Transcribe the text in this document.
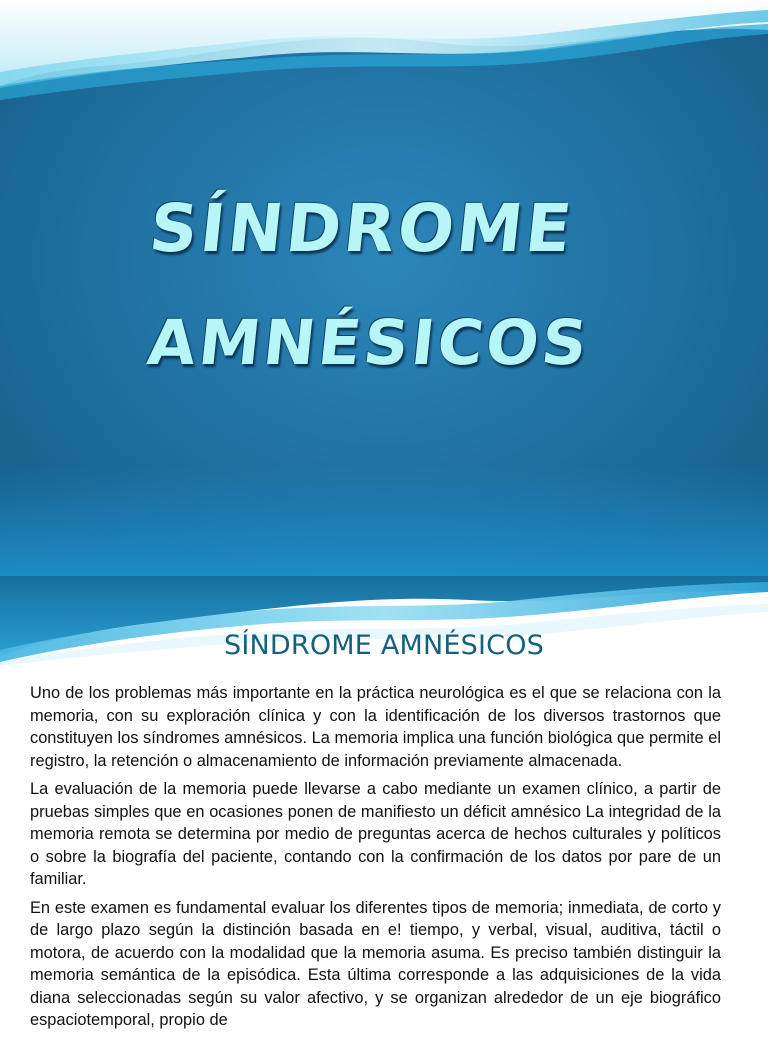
SÍNDROME
AMNÉSICOS
SÍNDROME AMNÉSICOS

Uno de los problemas más importante en la práctica neurológica es el que se relaciona con la memoria, con su exploración clínica y con la identificación de los diversos trastornos que constituyen los síndromes amnésicos. La memoria implica una función biológica que permite el registro, la retención o almacenamiento de información previamente almacenada.

La evaluación de la memoria puede llevarse a cabo mediante un examen clínico, a partir de pruebas simples que en ocasiones ponen de manifiesto un déficit amnésico La integridad de la memoria remota se determina por medio de preguntas acerca de hechos culturales y políticos o sobre la biografía del paciente, contando con la confirmación de los datos por pare de un familiar.

En este examen es fundamental evaluar los diferentes tipos de memoria; inmediata, de corto y de largo plazo según la distinción basada en e! tiempo, y verbal, visual, auditiva, táctil o motora, de acuerdo con la modalidad que la memoria asuma. Es preciso también distinguir la memoria semántica de la episódica. Esta última corresponde a las adquisiciones de la vida diana seleccionadas según su valor afectivo, y se organizan alrededor de un eje biográfico espaciotemporal, propio de
